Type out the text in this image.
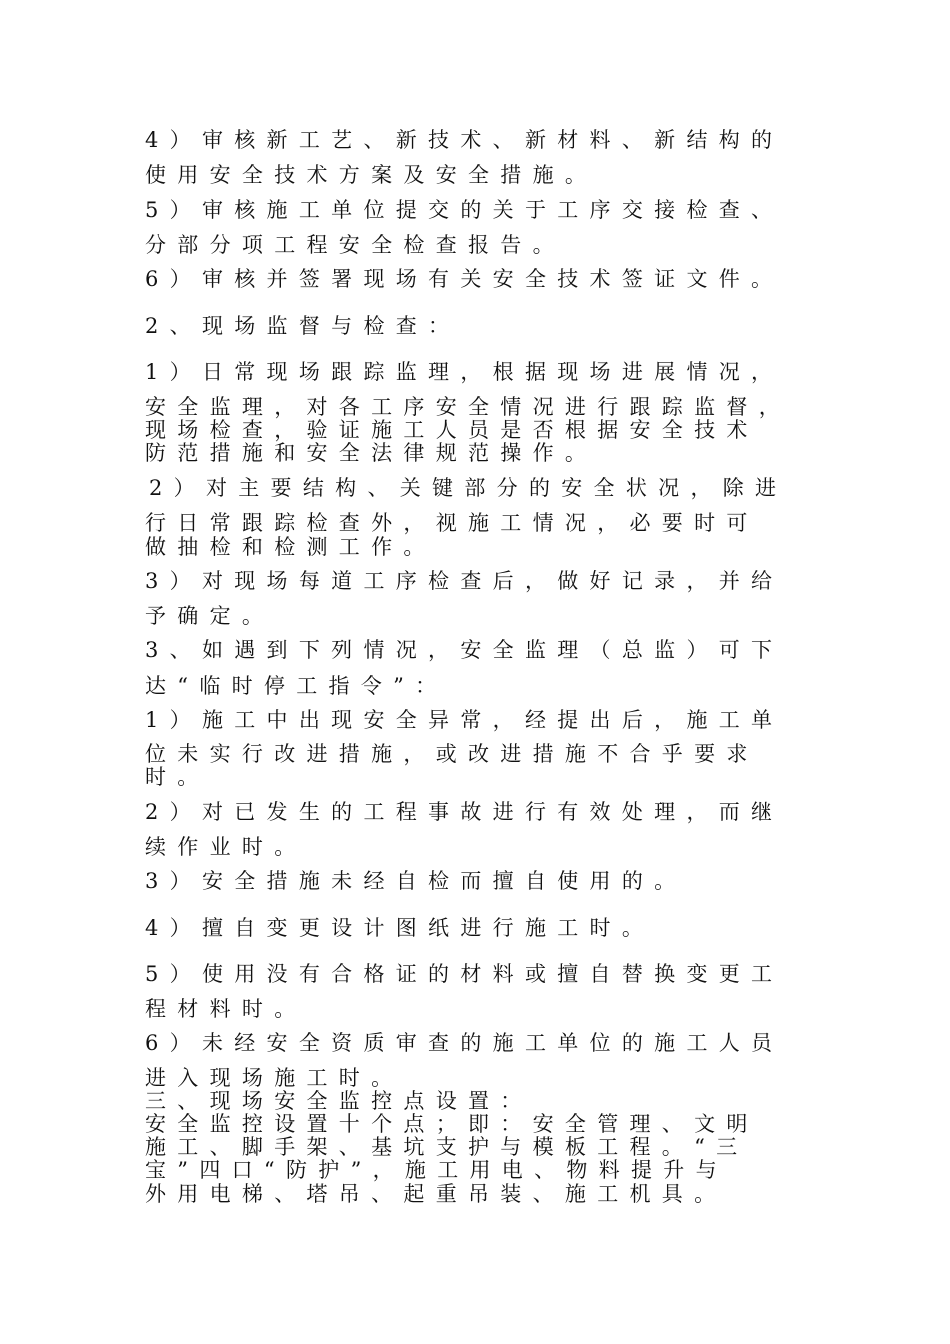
4）审核新工艺、新技术、新材料、新结构的
使用安全技术方案及安全措施。
5）审核施工单位提交的关于工序交接检查、
分部分项工程安全检查报告。
6）审核并签署现场有关安全技术签证文件。
2、现场监督与检查：
1）日常现场跟踪监理，根据现场进展情况，
安全监理，对各工序安全情况进行跟踪监督，
现场检查，验证施工人员是否根据安全技术
防范措施和安全法律规范操作。
2）对主要结构、关键部分的安全状况，除进
行日常跟踪检查外，视施工情况，必要时可
做抽检和检测工作。
3）对现场每道工序检查后，做好记录，并给
予确定。
3、如遇到下列情况，安全监理（总监）可下
达“临时停工指令”：
1）施工中出现安全异常，经提出后，施工单
位未实行改进措施，或改进措施不合乎要求
时。
2）对已发生的工程事故进行有效处理，而继
续作业时。
3）安全措施未经自检而擅自使用的。
4）擅自变更设计图纸进行施工时。
5）使用没有合格证的材料或擅自替换变更工
程材料时。
6）未经安全资质审查的施工单位的施工人员
进入现场施工时。
三、现场安全监控点设置：
安全监控设置十个点；即：安全管理、文明
施工、脚手架、基坑支护与模板工程。“三
宝”四口“防护”，施工用电、物料提升与
外用电梯、塔吊、起重吊装、施工机具。
